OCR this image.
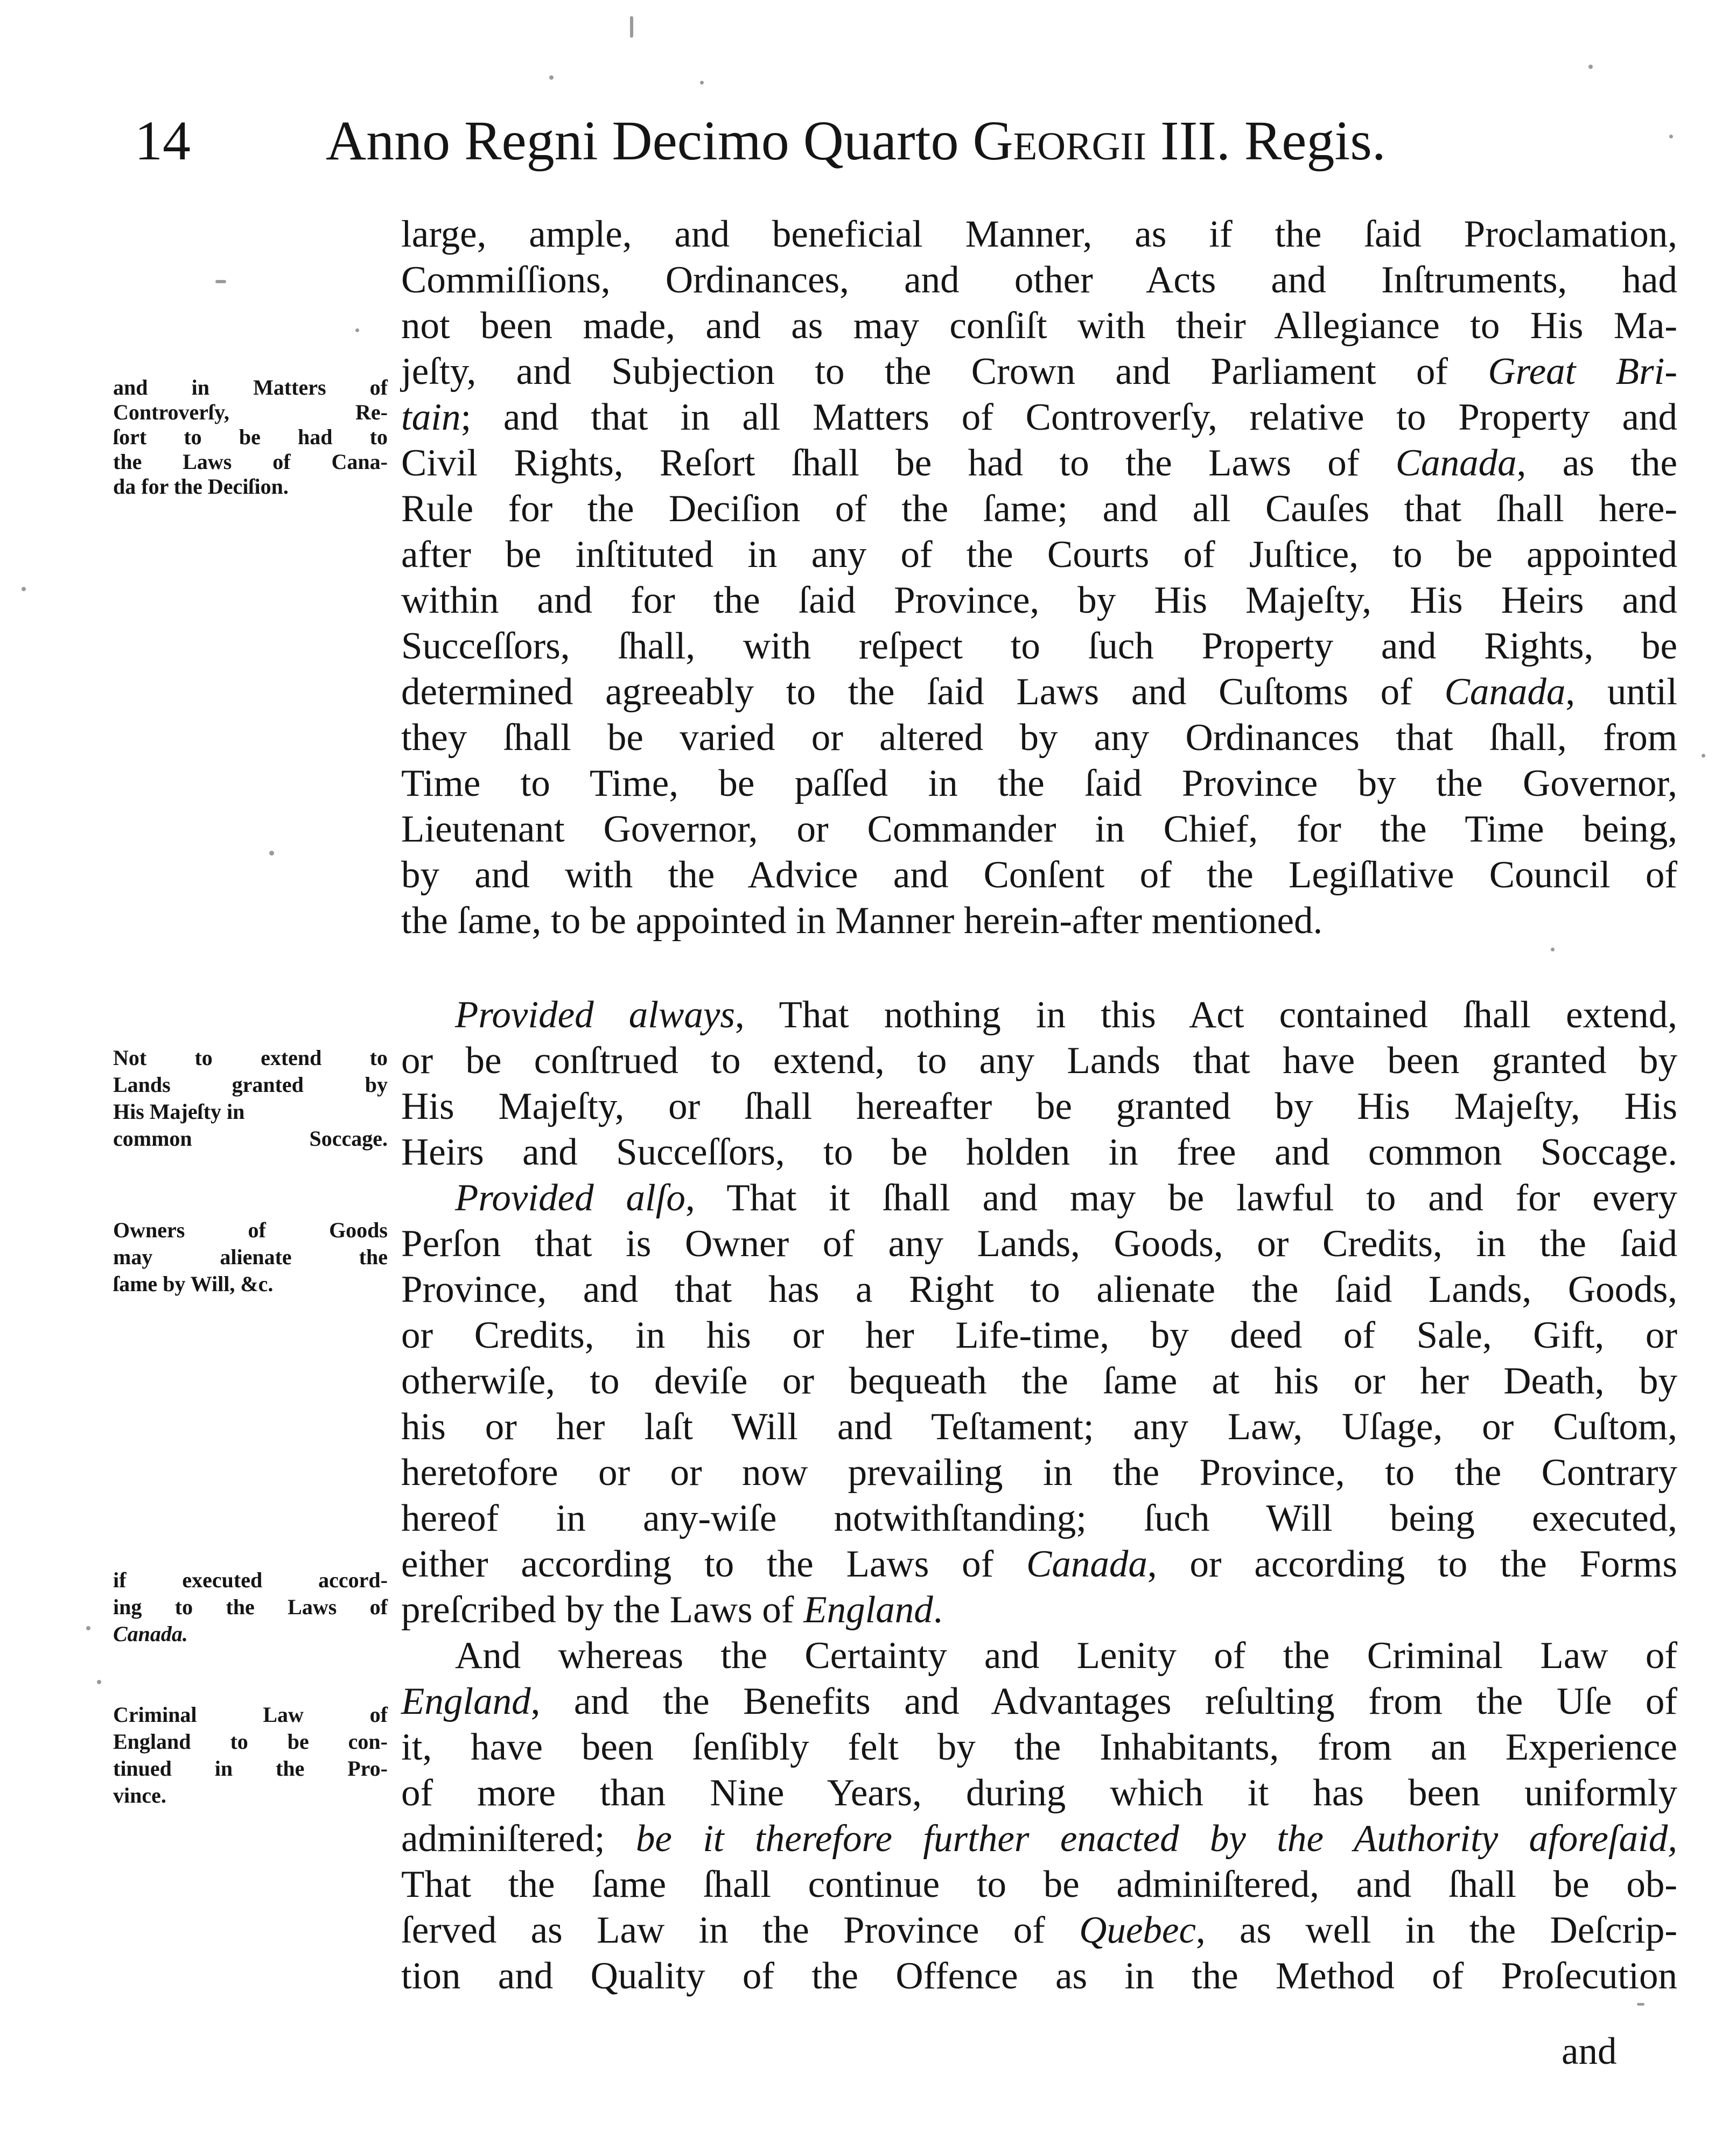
14 Anno Regni Decimo Quarto Georgii III. Regis.
and in Matters of
Controverſy, Re-
ſort to be had to
the Laws of Cana-
da for the Deciſion.
Not to extend to
Lands granted by
His Majeſty in
common Soccage.
Owners of Goods
may alienate the
ſame by Will, &c.
if executed accord-
ing to the Laws of
Canada.
Criminal Law of
England to be con-
tinued in the Pro-
vince.
large, ample, and beneficial Manner, as if the ſaid Proclamation,
Commiſſions, Ordinances, and other Acts and Inſtruments, had
not been made, and as may conſiſt with their Allegiance to His Ma-
jeſty, and Subjection to the Crown and Parliament of Great Bri-
tain; and that in all Matters of Controverſy, relative to Property and
Civil Rights, Reſort ſhall be had to the Laws of Canada, as the
Rule for the Deciſion of the ſame; and all Cauſes that ſhall here-
after be inſtituted in any of the Courts of Juſtice, to be appointed
within and for the ſaid Province, by His Majeſty, His Heirs and
Succeſſors, ſhall, with reſpect to ſuch Property and Rights, be
determined agreeably to the ſaid Laws and Cuſtoms of Canada, until
they ſhall be varied or altered by any Ordinances that ſhall, from
Time to Time, be paſſed in the ſaid Province by the Governor,
Lieutenant Governor, or Commander in Chief, for the Time being,
by and with the Advice and Conſent of the Legiſlative Council of
the ſame, to be appointed in Manner herein-after mentioned.
Provided always, That nothing in this Act contained ſhall extend,
or be conſtrued to extend, to any Lands that have been granted by
His Majeſty, or ſhall hereafter be granted by His Majeſty, His
Heirs and Succeſſors, to be holden in free and common Soccage.
Provided alſo, That it ſhall and may be lawful to and for every
Perſon that is Owner of any Lands, Goods, or Credits, in the ſaid
Province, and that has a Right to alienate the ſaid Lands, Goods,
or Credits, in his or her Life-time, by deed of Sale, Gift, or
otherwiſe, to deviſe or bequeath the ſame at his or her Death, by
his or her laſt Will and Teſtament; any Law, Uſage, or Cuſtom,
heretofore or or now prevailing in the Province, to the Contrary
hereof in any-wiſe notwithſtanding; ſuch Will being executed,
either according to the Laws of Canada, or according to the Forms
preſcribed by the Laws of England.
And whereas the Certainty and Lenity of the Criminal Law of
England, and the Benefits and Advantages reſulting from the Uſe of
it, have been ſenſibly felt by the Inhabitants, from an Experience
of more than Nine Years, during which it has been uniformly
adminiſtered; be it therefore further enacted by the Authority aforeſaid,
That the ſame ſhall continue to be adminiſtered, and ſhall be ob-
ſerved as Law in the Province of Quebec, as well in the Deſcrip-
tion and Quality of the Offence as in the Method of Proſecution
and
